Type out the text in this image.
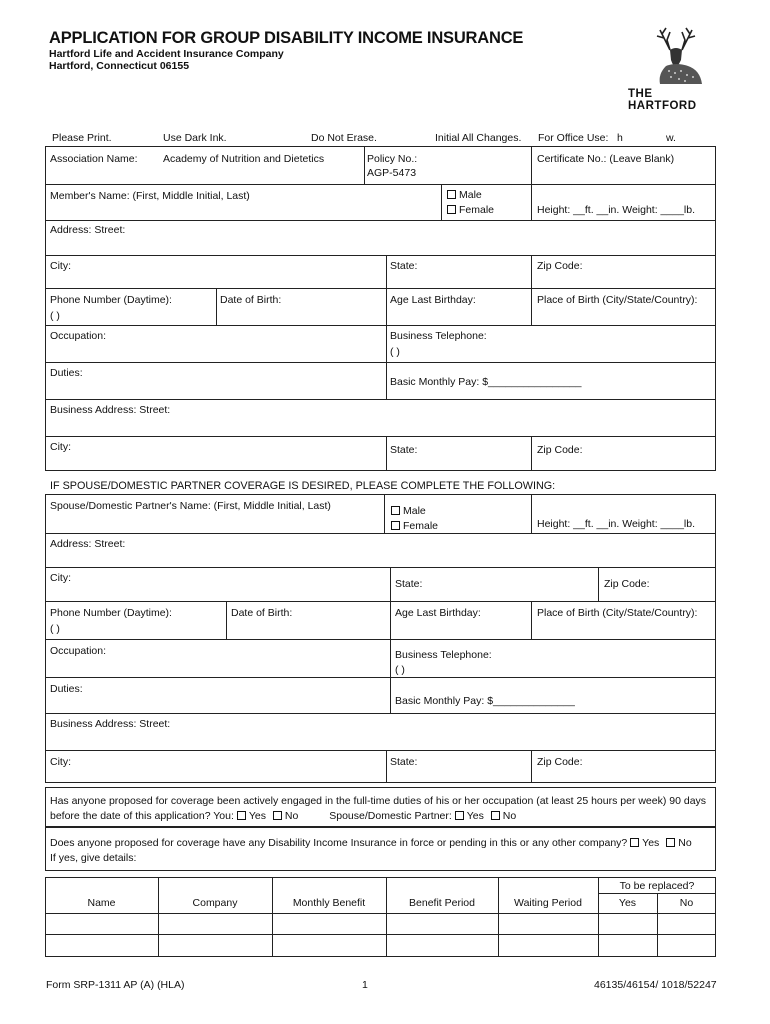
APPLICATION FOR GROUP DISABILITY INCOME INSURANCE
Hartford Life and Accident Insurance Company
Hartford, Connecticut 06155
THE
HARTFORD
Please Print.	Use Dark Ink.	Do Not Erase.	Initial All Changes. For Office Use: h	w.
Association Name: Academy of Nutrition and Dietetics	Policy No.:
AGP-5473
Certificate No.: (Leave Blank)
Member's Name: (First, Middle Initial, Last)	Male
Female	Height: __ft. __in. Weight: ____lb.
Address: Street:
City:	State:	Zip Code:
Phone Number (Daytime):
( )
Date of Birth:	Age Last Birthday:	Place of Birth (City/State/Country):
Occupation:	Business Telephone:
( )
Duties:
Basic Monthly Pay: $________________
Business Address: Street:
City:	State:	Zip Code:
IF SPOUSE/DOMESTIC PARTNER COVERAGE IS DESIRED, PLEASE COMPLETE THE FOLLOWING:
Spouse/Domestic Partner's Name: (First, Middle Initial, Last)	Male
Female	Height: __ft. __in. Weight: ____lb.
Address: Street:
City:	State:	Zip Code:
Phone Number (Daytime):
( )
Date of Birth:	Age Last Birthday:	Place of Birth (City/State/Country):
Occupation:	Business Telephone:
( )
Duties:
Basic Monthly Pay: $______________
Business Address: Street:
City:	State:	Zip Code:
Has anyone proposed for coverage been actively engaged in the full-time duties of his or her occupation (at least 25 hours per week) 90 days
before the date of this application? You: Yes No	Spouse/Domestic Partner: Yes No
Does anyone proposed for coverage have any Disability Income Insurance in force or pending in this or any other company? Yes No
If yes, give details:
Name	Company	Monthly Benefit	Benefit Period	Waiting Period
To be replaced?
Yes	No
Form SRP-1311 AP (A) (HLA)	1	46135/46154/ 1018/52247
